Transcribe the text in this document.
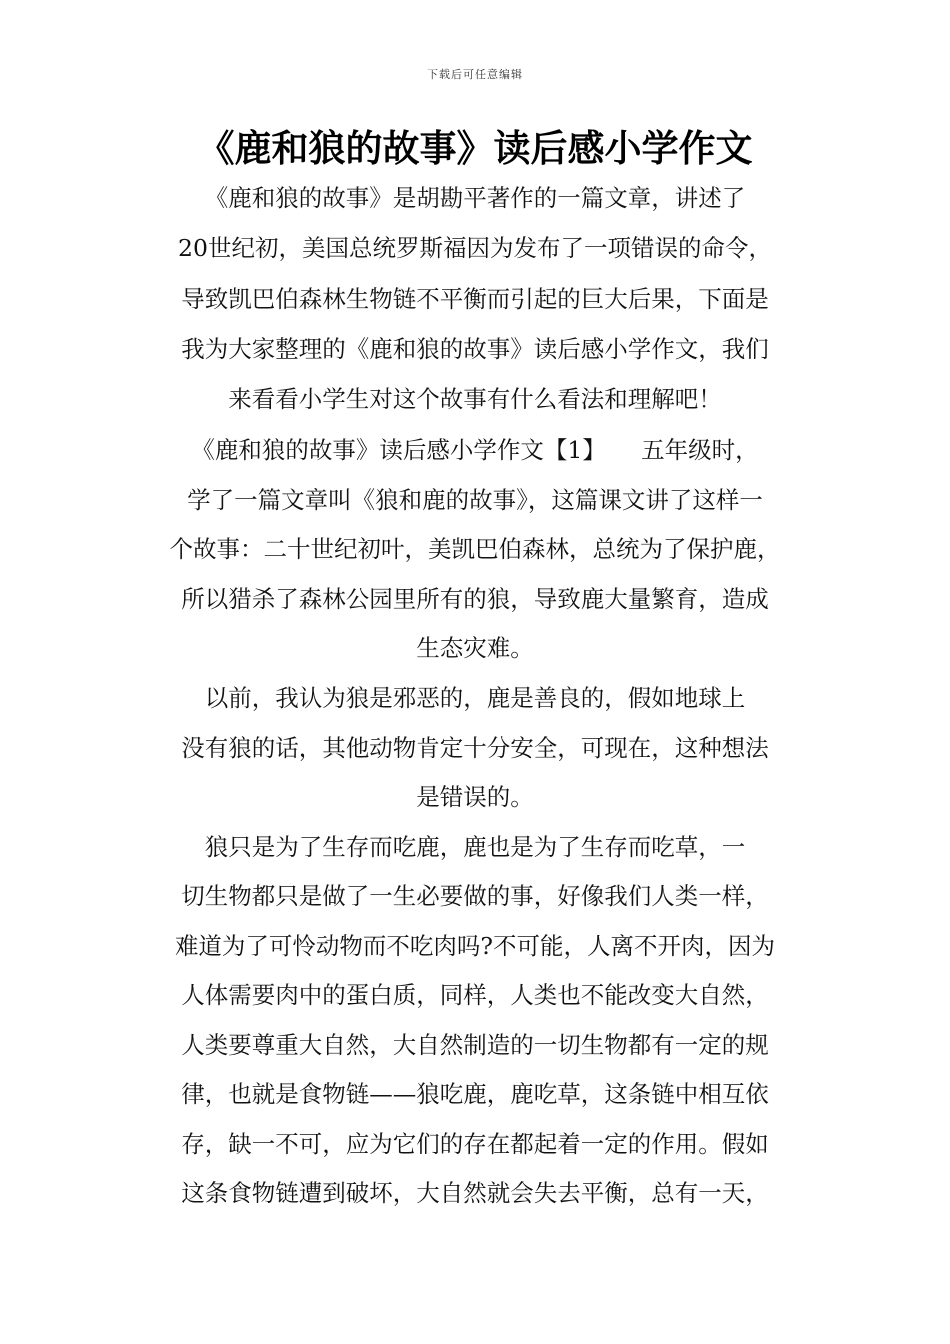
下载后可任意编辑
《鹿和狼的故事》读后感小学作文
《鹿和狼的故事》是胡勘平著作的一篇文章，讲述了
20世纪初，美国总统罗斯福因为发布了一项错误的命令，
导致凯巴伯森林生物链不平衡而引起的巨大后果，下面是
我为大家整理的《鹿和狼的故事》读后感小学作文，我们
来看看小学生对这个故事有什么看法和理解吧！
《鹿和狼的故事》读后感小学作文【1】　　五年级时，
学了一篇文章叫《狼和鹿的故事》，这篇课文讲了这样一
个故事：二十世纪初叶，美凯巴伯森林，总统为了保护鹿，
所以猎杀了森林公园里所有的狼，导致鹿大量繁育，造成
生态灾难。
以前，我认为狼是邪恶的，鹿是善良的，假如地球上
没有狼的话，其他动物肯定十分安全，可现在，这种想法
是错误的。
狼只是为了生存而吃鹿，鹿也是为了生存而吃草，一
切生物都只是做了一生必要做的事，好像我们人类一样，
难道为了可怜动物而不吃肉吗?不可能，人离不开肉，因为
人体需要肉中的蛋白质，同样，人类也不能改变大自然，
人类要尊重大自然，大自然制造的一切生物都有一定的规
律，也就是食物链——狼吃鹿，鹿吃草，这条链中相互依
存，缺一不可，应为它们的存在都起着一定的作用。假如
这条食物链遭到破坏，大自然就会失去平衡，总有一天，
